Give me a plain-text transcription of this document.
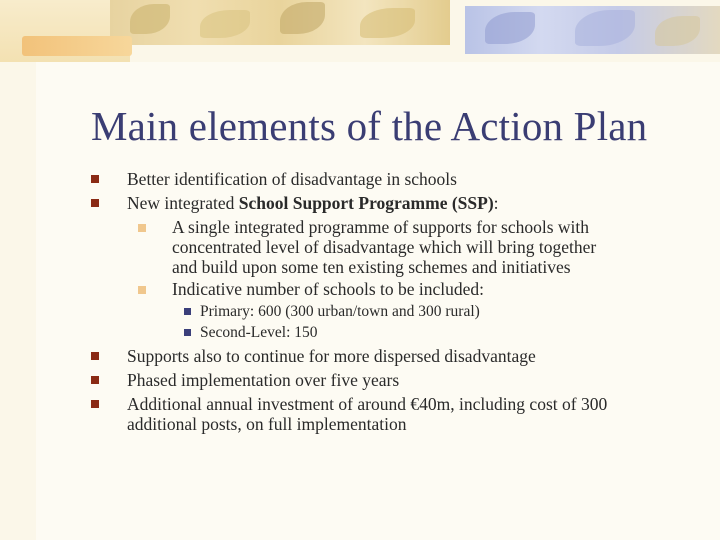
Main elements of the Action Plan
Better identification of disadvantage in schools
New integrated School Support Programme (SSP):
A single integrated programme of supports for schools with
concentrated level of disadvantage which will bring together
and build upon some ten existing schemes and initiatives
Indicative number of schools to be included:
Primary: 600 (300 urban/town and 300 rural)
Second-Level: 150
Supports also to continue for more dispersed disadvantage
Phased implementation over five years
Additional annual investment of around €40m, including cost of 300
additional posts, on full implementation
